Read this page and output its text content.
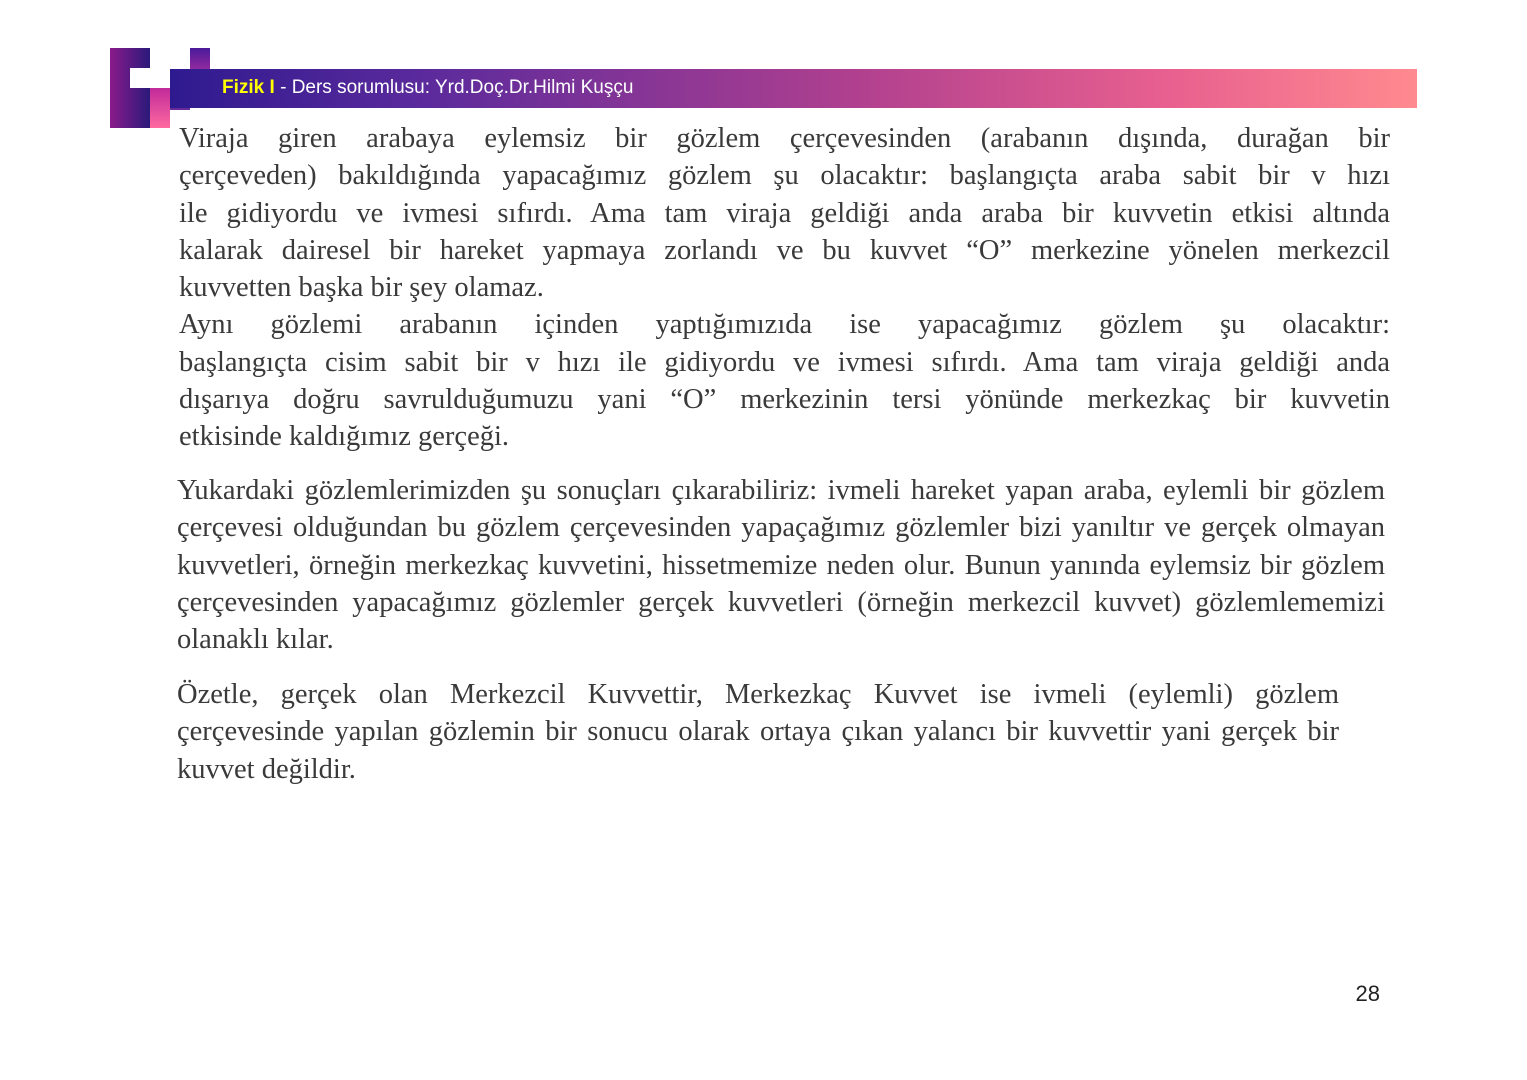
Fizik I - Ders sorumlusu: Yrd.Doç.Dr.Hilmi Kuşçu
Viraja giren arabaya eylemsiz bir gözlem çerçevesinden (arabanın dışında, durağan bir
çerçeveden) bakıldığında yapacağımız gözlem şu olacaktır: başlangıçta araba sabit bir v hızı
ile gidiyordu ve ivmesi sıfırdı. Ama tam viraja geldiği anda araba bir kuvvetin etkisi altında
kalarak dairesel bir hareket yapmaya zorlandı ve bu kuvvet “O” merkezine yönelen merkezcil
kuvvetten başka bir şey olamaz.
Aynı gözlemi arabanın içinden yaptığımızıda ise yapacağımız gözlem şu olacaktır:
başlangıçta cisim sabit bir v hızı ile gidiyordu ve ivmesi sıfırdı. Ama tam viraja geldiği anda
dışarıya doğru savrulduğumuzu yani “O” merkezinin tersi yönünde merkezkaç bir kuvvetin
etkisinde kaldığımız gerçeği.

Yukardaki gözlemlerimizden şu sonuçları çıkarabiliriz: ivmeli hareket yapan araba, eylemli bir gözlem çerçevesi olduğundan bu gözlem çerçevesinden yapaçağımız gözlemler bizi yanıltır ve gerçek olmayan kuvvetleri, örneğin merkezkaç kuvvetini, hissetmemize neden olur. Bunun yanında eylemsiz bir gözlem çerçevesinden yapacağımız gözlemler gerçek kuvvetleri (örneğin merkezcil kuvvet) gözlemlememizi olanaklı kılar.

Özetle, gerçek olan Merkezcil Kuvvettir, Merkezkaç Kuvvet ise ivmeli (eylemli) gözlem çerçevesinde yapılan gözlemin bir sonucu olarak ortaya çıkan yalancı bir kuvvettir yani gerçek bir kuvvet değildir.

28
